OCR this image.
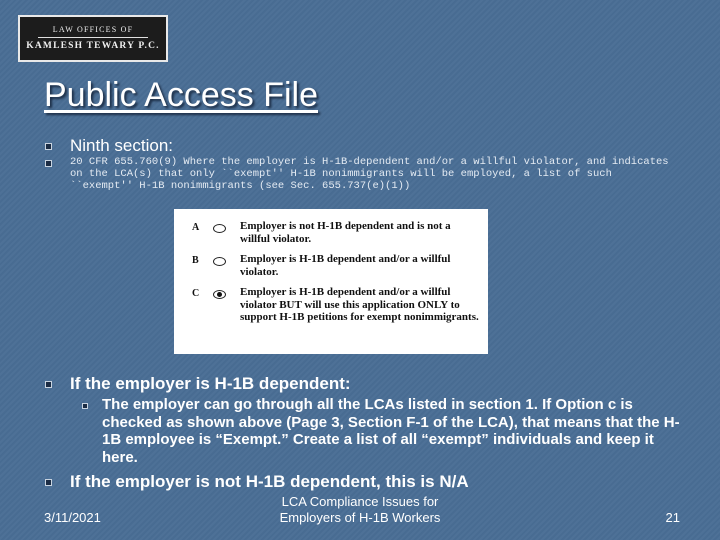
LAW OFFICES OF
KAMLESH TEWARY P.C.
Public Access File
Ninth section:
20 CFR 655.760(9) Where the employer is H-1B-dependent and/or a willful violator, and indicates on the LCA(s) that only ``exempt'' H-1B nonimmigrants will be employed, a list of such ``exempt'' H-1B nonimmigrants (see Sec. 655.737(e)(1))
A	Employer is not H-1B dependent and is not a willful violator.
B	Employer is H-1B dependent and/or a willful violator.
C	Employer is H-1B dependent and/or a willful violator BUT will use this application ONLY to support H-1B petitions for exempt nonimmigrants.
If the employer is H-1B dependent:
The employer can go through all the LCAs listed in section 1. If Option c is checked as shown above (Page 3, Section F-1 of the LCA), that means that the H-1B employee is “Exempt.” Create a list of all “exempt” individuals and keep it here.
If the employer is not H-1B dependent, this is N/A
3/11/2021
LCA Compliance Issues for
Employers of H-1B Workers	21
